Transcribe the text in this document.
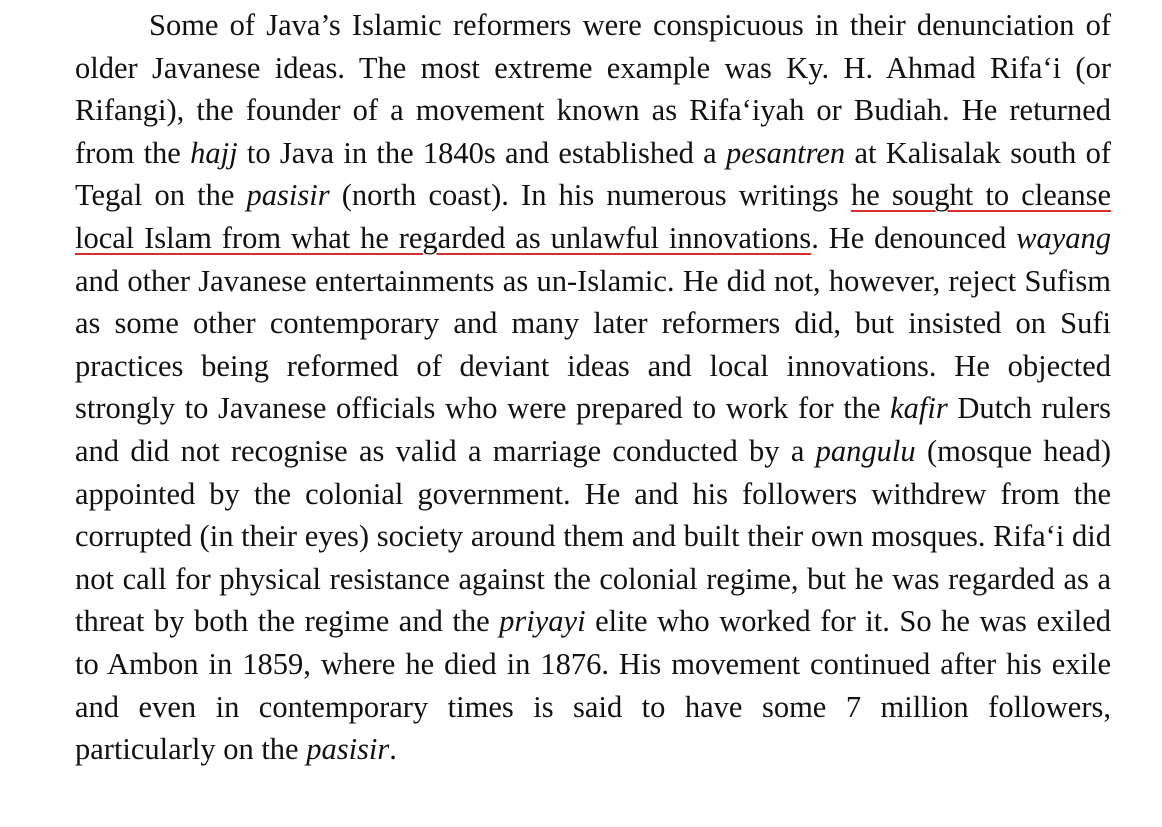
Some of Java’s Islamic reformers were conspicuous in their denunciation of older Javanese ideas. The most extreme example was Ky. H. Ahmad Rifa‘i (or Rifangi), the founder of a movement known as Rifa‘iyah or Budiah. He returned from the hajj to Java in the 1840s and established a pesantren at Kalisalak south of Tegal on the pasisir (north coast). In his numerous writings he sought to cleanse local Islam from what he regarded as unlawful innovations. He denounced wayang and other Javanese entertainments as un-Islamic. He did not, however, reject Sufism as some other contemporary and many later reformers did, but insisted on Sufi practices being reformed of deviant ideas and local innovations. He objected strongly to Javanese officials who were prepared to work for the kafir Dutch rulers and did not recognise as valid a marriage conducted by a pangulu (mosque head) appointed by the colonial government. He and his followers withdrew from the corrupted (in their eyes) society around them and built their own mosques. Rifa‘i did not call for physical resistance against the colonial regime, but he was regarded as a threat by both the regime and the priyayi elite who worked for it. So he was exiled to Ambon in 1859, where he died in 1876. His movement continued after his exile and even in contemporary times is said to have some 7 million followers, particularly on the pasisir.
